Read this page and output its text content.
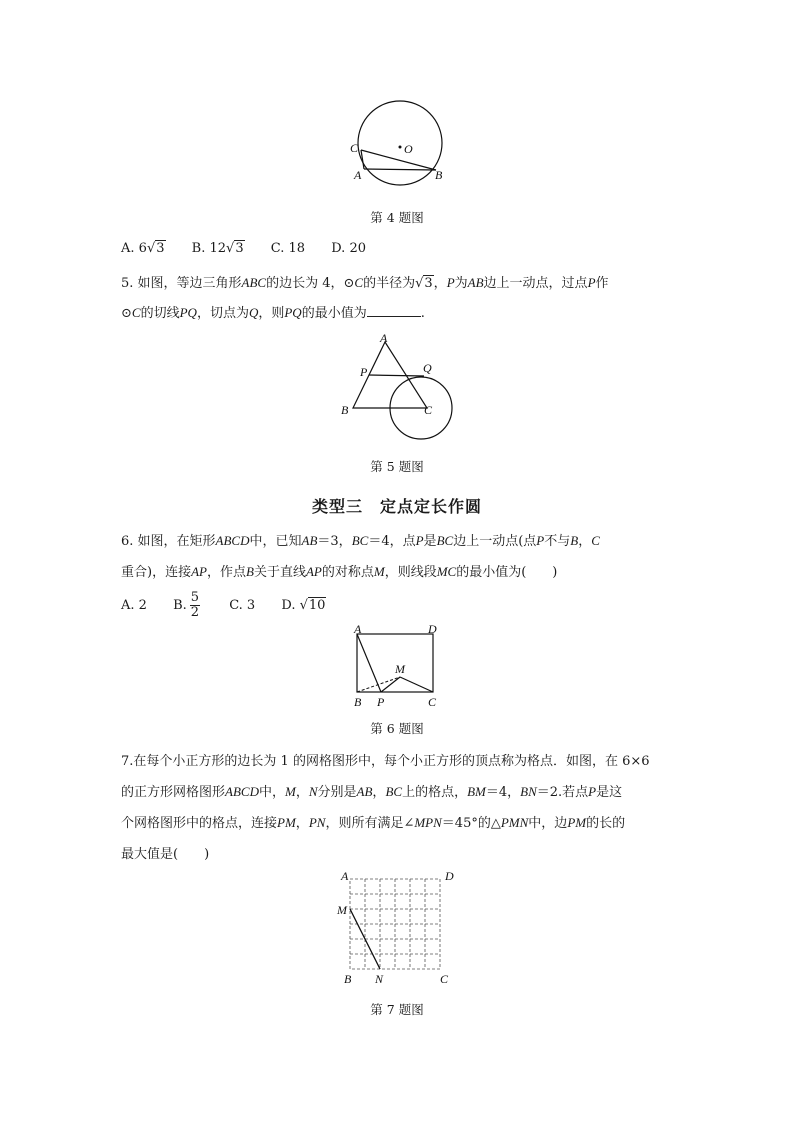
C	O
A	B
第 4 题图
A. 6√3 B. 12√3 C. 18 D. 20
5. 如图，等边三角形ABC的边长为 4，⊙C的半径为√3，P为AB边上一动点，过点P作
⊙C的切线PQ，切点为Q，则PQ的最小值为	.
A
P	Q
B	C
第 5 题图
类型三　定点定长作圆
6. 如图，在矩形ABCD中，已知AB＝3，BC＝4，点P是BC边上一动点(点P不与B，C
重合)，连接AP，作点B关于直线AP的对称点M，则线段MC的最小值为(　　)
A. 2 B. $\frac{5}{2} C$. 3 D. √10
A	D
M
B P	C
第 6 题图
7.在每个小正方形的边长为 1 的网格图形中，每个小正方形的顶点称为格点．如图，在 6×6
的正方形网格图形ABCD中，M，N分别是AB，BC上的格点，BM＝4，BN＝2.若点P是这
个网格图形中的格点，连接PM，PN，则所有满足∠MPN＝45°的△PMN中，边PM的长的
最大值是(　　)
A	D
M
B N	C
第 7 题图
